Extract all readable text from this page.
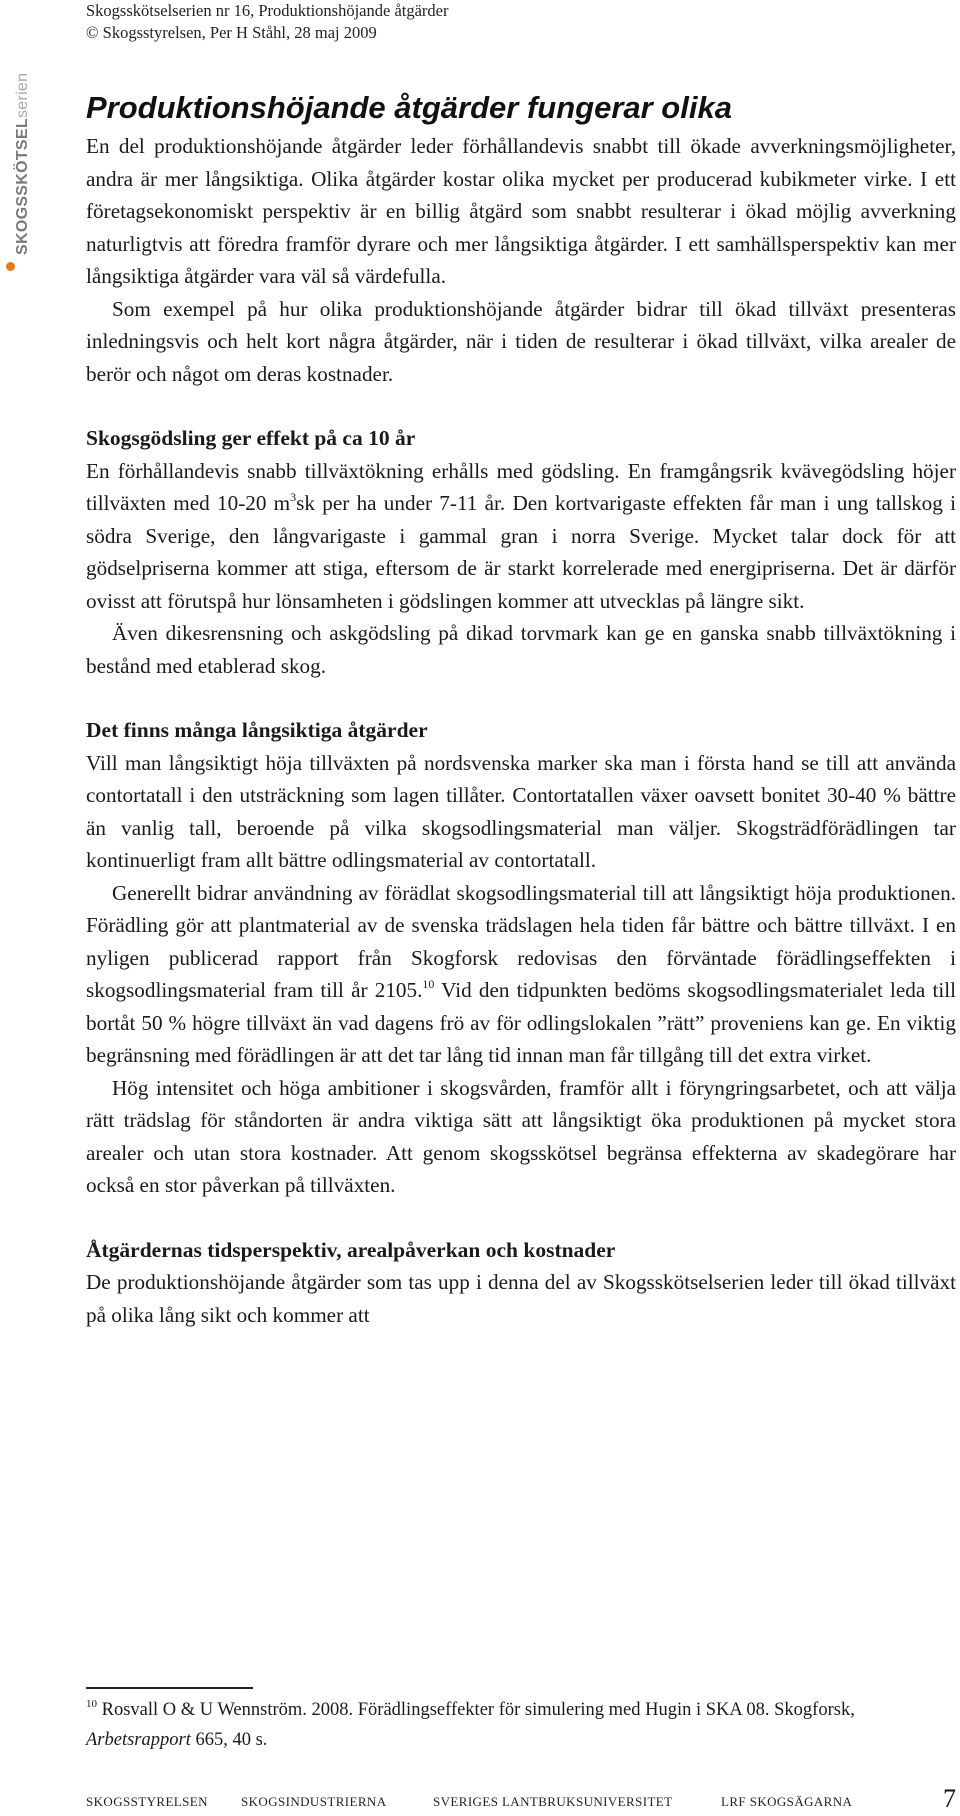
Skogsskötselserien nr 16, Produktionshöjande åtgärder
© Skogsstyrelsen, Per H Ståhl, 28 maj 2009
SKOGSSKÖTSELserien Produktionshöjande åtgärder fungerar olika

En del produktionshöjande åtgärder leder förhållandevis snabbt till ökade avverkningsmöjligheter, andra är mer långsiktiga. Olika åtgärder kostar olika mycket per producerad kubikmeter virke. I ett företagsekonomiskt perspektiv är en billig åtgärd som snabbt resulterar i ökad möjlig avverkning naturligtvis att föredra framför dyrare och mer långsiktiga åtgärder. I ett samhällsperspektiv kan mer långsiktiga åtgärder vara väl så värdefulla.

Som exempel på hur olika produktionshöjande åtgärder bidrar till ökad tillväxt presenteras inledningsvis och helt kort några åtgärder, när i tiden de resulterar i ökad tillväxt, vilka arealer de berör och något om deras kostnader.

Skogsgödsling ger effekt på ca 10 år

En förhållandevis snabb tillväxtökning erhålls med gödsling. En framgångsrik kvävegödsling höjer tillväxten med 10-20 $m^3sk$ per ha under 7-11 år. Den kortvarigaste effekten får man i ung tallskog i södra Sverige, den långvarigaste i gammal gran i norra Sverige. Mycket talar dock för att gödselpriserna kommer att stiga, eftersom de är starkt korrelerade med energipriserna. Det är därför ovisst att förutspå hur lönsamheten i gödslingen kommer att utvecklas på längre sikt.

Även dikesrensning och askgödsling på dikad torvmark kan ge en ganska snabb tillväxtökning i bestånd med etablerad skog.

Det finns många långsiktiga åtgärder

Vill man långsiktigt höja tillväxten på nordsvenska marker ska man i första hand se till att använda contortatall i den utsträckning som lagen tillåter. Contortatallen växer oavsett bonitet 30-40 % bättre än vanlig tall, beroende på vilka skogsodlingsmaterial man väljer. Skogsträdförädlingen tar kontinuerligt fram allt bättre odlingsmaterial av contortatall.

Generellt bidrar användning av förädlat skogsodlingsmaterial till att långsiktigt höja produktionen. Förädling gör att plantmaterial av de svenska trädslagen hela tiden får bättre och bättre tillväxt. I en nyligen publicerad rapport från Skogforsk redovisas den förväntade förädlingseffekten i skogsodlingsmaterial fram till år 2105.10 Vid den tidpunkten bedöms skogsodlingsmaterialet leda till bortåt 50 % högre tillväxt än vad dagens frö av för odlingslokalen ”rätt” proveniens kan ge. En viktig begränsning med förädlingen är att det tar lång tid innan man får tillgång till det extra virket.

Hög intensitet och höga ambitioner i skogsvården, framför allt i föryngringsarbetet, och att välja rätt trädslag för ståndorten är andra viktiga sätt att långsiktigt öka produktionen på mycket stora arealer och utan stora kostnader. Att genom skogsskötsel begränsa effekterna av skadegörare har också en stor påverkan på tillväxten.

Åtgärdernas tidsperspektiv, arealpåverkan och kostnader

De produktionshöjande åtgärder som tas upp i denna del av Skogsskötselserien leder till ökad tillväxt på olika lång sikt och kommer att

$^{10}$ Rosvall O & U Wennström. 2008. Förädlingseffekter för simulering med Hugin i SKA 08. Skogforsk, Arbetsrapport 665, 40 s.
SKOGSSTYRELSEN	SKOGSINDUSTRIERNA	SVERIGES LANTBRUKSUNIVERSITET	LRF SKOGSÄGARNA	7
